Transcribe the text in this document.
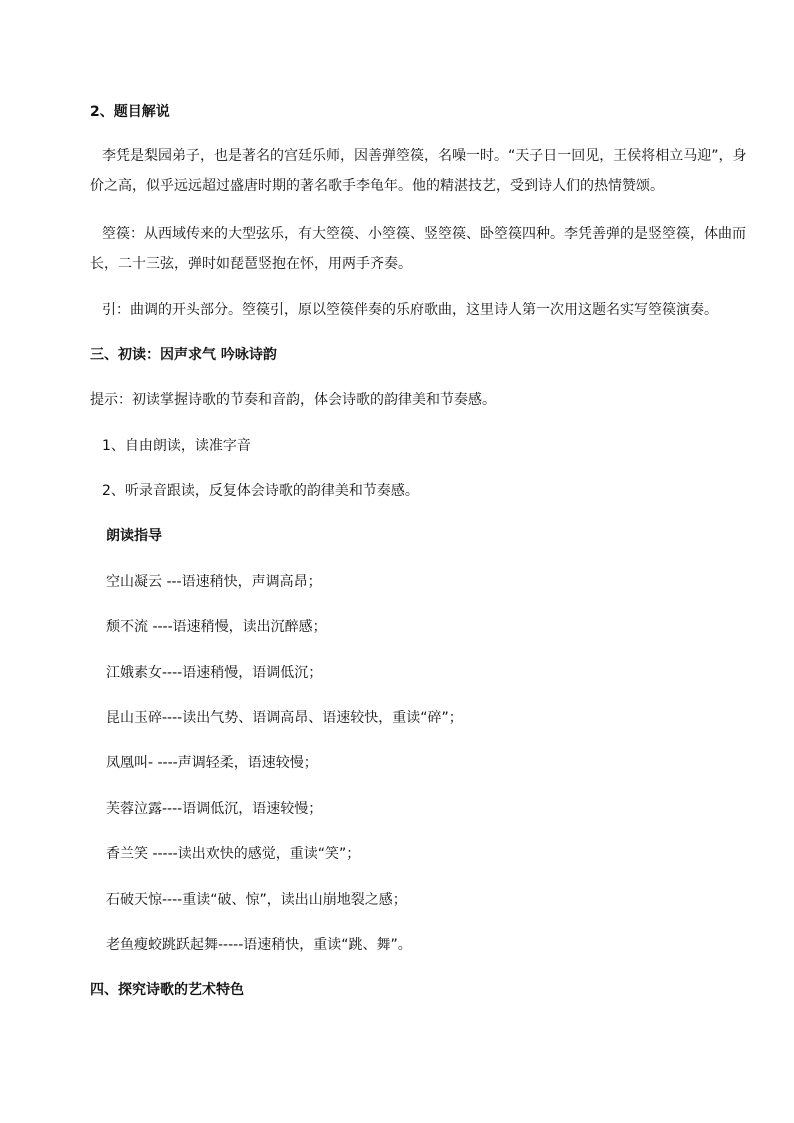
2、题目解说
李凭是梨园弟子，也是著名的宫廷乐师，因善弹箜篌，名噪一时。“天子日一回见，王侯将相立马迎”，身
价之高，似乎远远超过盛唐时期的著名歌手李龟年。他的精湛技艺，受到诗人们的热情赞颂。
箜篌：从西域传来的大型弦乐，有大箜篌、小箜篌、竖箜篌、卧箜篌四种。李凭善弹的是竖箜篌，体曲而
长，二十三弦，弹时如琵琶竖抱在怀，用两手齐奏。
引：曲调的开头部分。箜篌引，原以箜篌伴奏的乐府歌曲，这里诗人第一次用这题名实写箜篌演奏。
三、初读：因声求气 吟咏诗韵
提示：初读掌握诗歌的节奏和音韵，体会诗歌的韵律美和节奏感。
1、自由朗读，读准字音
2、听录音跟读，反复体会诗歌的韵律美和节奏感。
朗读指导
空山凝云 ---语速稍快，声调高昂；
颓不流 ----语速稍慢，读出沉醉感；
江娥素女----语速稍慢，语调低沉；
昆山玉碎----读出气势、语调高昂、语速较快，重读“碎”；
凤凰叫- ----声调轻柔，语速较慢；
芙蓉泣露----语调低沉，语速较慢；
香兰笑 -----读出欢快的感觉，重读“笑”；
石破天惊----重读“破、惊”，读出山崩地裂之感；
老鱼瘦蛟跳跃起舞-----语速稍快，重读“跳、舞”。
四、探究诗歌的艺术特色
